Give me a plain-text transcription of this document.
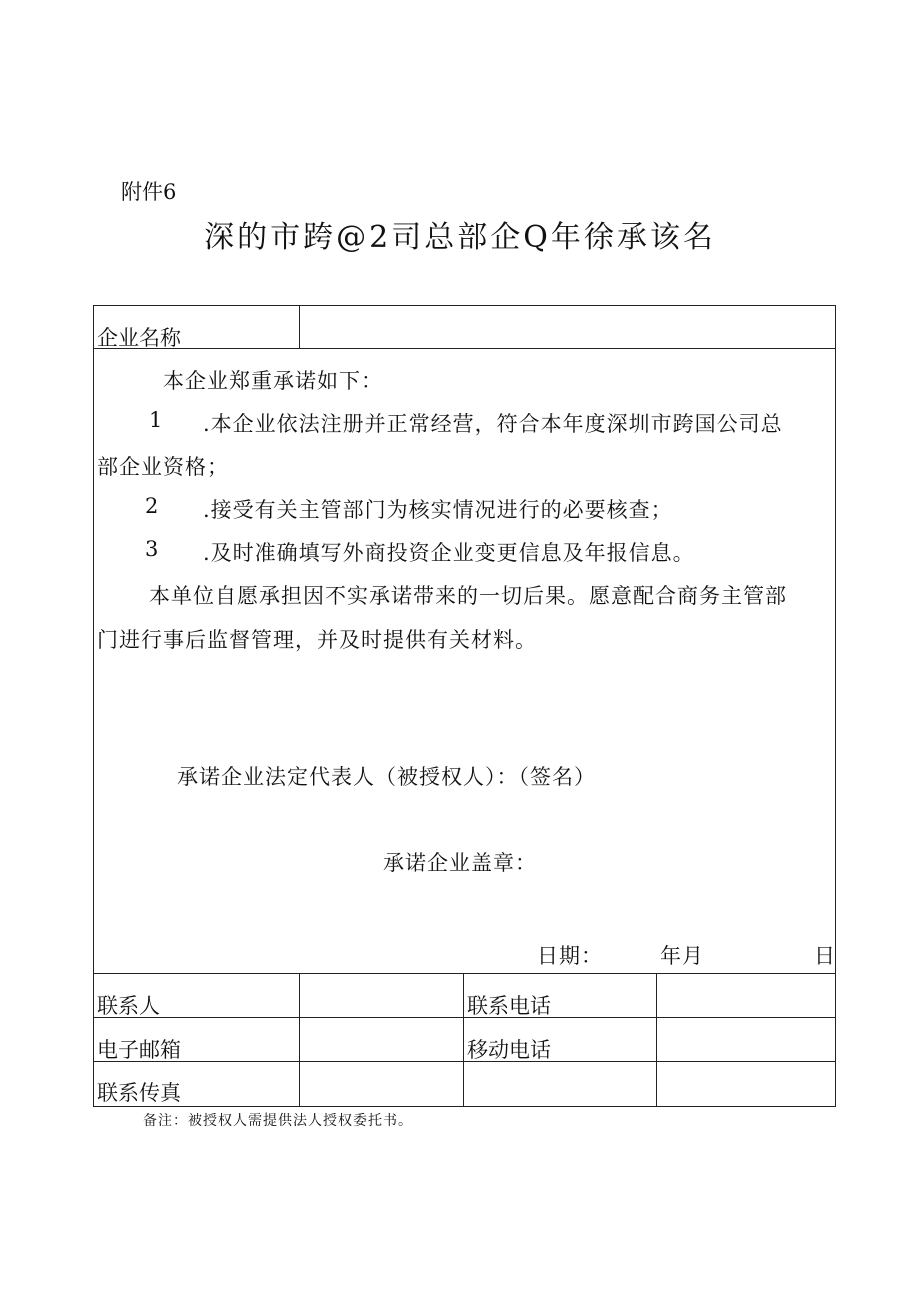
附件6
深的市跨@2司总部企Q年徐承该名
企业名称
本企业郑重承诺如下：
1 .本企业依法注册并正常经营，符合本年度深圳市跨国公司总
部企业资格；
2 .接受有关主管部门为核实情况进行的必要核查；
3 .及时准确填写外商投资企业变更信息及年报信息。
本单位自愿承担因不实承诺带来的一切后果。愿意配合商务主管部
门进行事后监督管理，并及时提供有关材料。
承诺企业法定代表人（被授权人）：（签名）
承诺企业盖章：
日期：	年月	日
联系人	联系电话
电子邮箱	移动电话
联系传真
备注：被授权人需提供法人授权委托书。
